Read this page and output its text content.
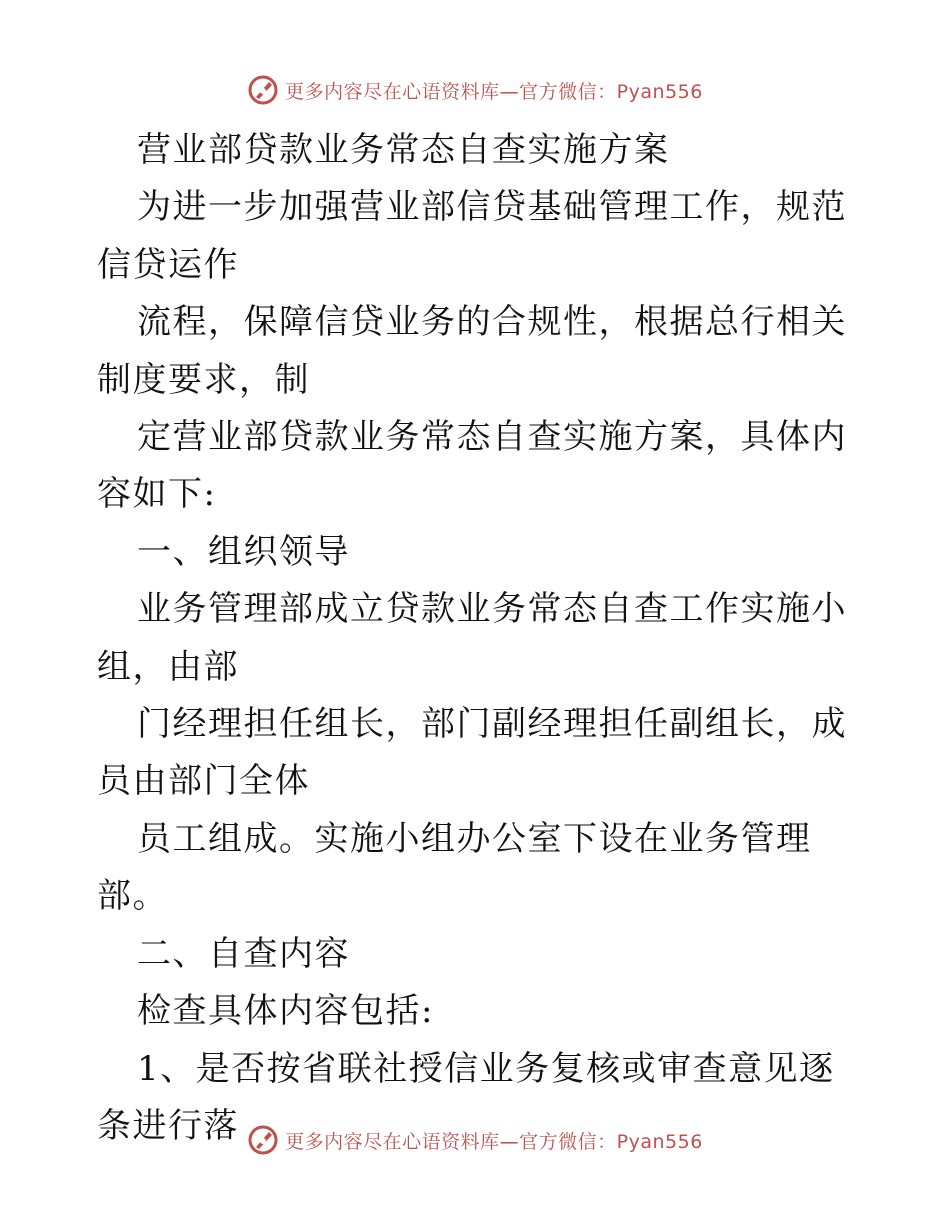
更多内容尽在心语资料库—官方微信：Pyan556

营业部贷款业务常态自查实施方案

为进一步加强营业部信贷基础管理工作，规范信贷运作

流程，保障信贷业务的合规性，根据总行相关制度要求，制

定营业部贷款业务常态自查实施方案，具体内容如下:

一、组织领导

业务管理部成立贷款业务常态自查工作实施小组，由部

门经理担任组长，部门副经理担任副组长，成员由部门全体

员工组成。实施小组办公室下设在业务管理部。

二、自查内容

检查具体内容包括:

1、是否按省联社授信业务复核或审查意见逐条进行落	更多内容尽在心语资料库—官方微信：Pyan556
